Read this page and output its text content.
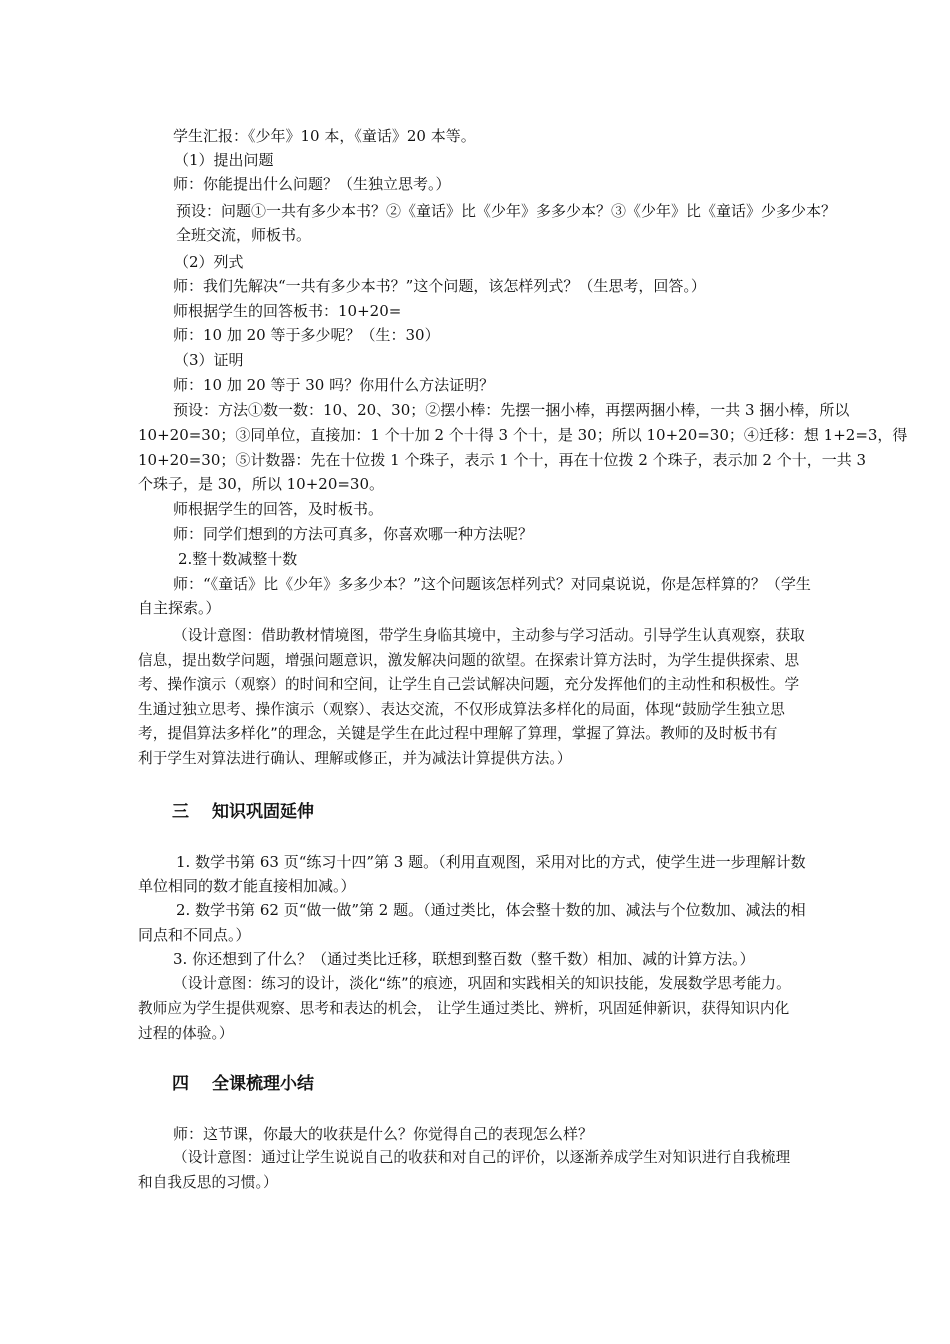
学生汇报：《少年》10 本，《童话》20 本等。
（1）提出问题
师：你能提出什么问题？（生独立思考。）
预设：问题①一共有多少本书？②《童话》比《少年》多多少本？③《少年》比《童话》少多少本？
全班交流，师板书。
（2）列式
师：我们先解决“一共有多少本书？”这个问题，该怎样列式？（生思考，回答。）
师根据学生的回答板书：10+20=
师：10 加 20 等于多少呢？（生：30）
（3）证明
师：10 加 20 等于 30 吗？你用什么方法证明？
预设：方法①数一数：10、20、30；②摆小棒：先摆一捆小棒，再摆两捆小棒，一共 3 捆小棒，所以
10+20=30；③同单位，直接加：1 个十加 2 个十得 3 个十，是 30；所以 10+20=30；④迁移：想 1+2=3，得
10+20=30；⑤计数器：先在十位拨 1 个珠子，表示 1 个十，再在十位拨 2 个珠子，表示加 2 个十，一共 3
个珠子，是 30，所以 10+20=30。
师根据学生的回答，及时板书。
师：同学们想到的方法可真多，你喜欢哪一种方法呢？
2.整十数减整十数
师：“《童话》比《少年》多多少本？”这个问题该怎样列式？对同桌说说，你是怎样算的？（学生
自主探索。）
（设计意图：借助教材情境图，带学生身临其境中，主动参与学习活动。引导学生认真观察，获取
信息，提出数学问题，增强问题意识，激发解决问题的欲望。在探索计算方法时，为学生提供探索、思
考、操作演示（观察）的时间和空间，让学生自己尝试解决问题，充分发挥他们的主动性和积极性。学
生通过独立思考、操作演示（观察）、表达交流，不仅形成算法多样化的局面，体现“鼓励学生独立思
考，提倡算法多样化”的理念，关键是学生在此过程中理解了算理，掌握了算法。教师的及时板书有
利于学生对算法进行确认、理解或修正，并为减法计算提供方法。）
三 知识巩固延伸
1. 数学书第 63 页“练习十四”第 3 题。（利用直观图，采用对比的方式，使学生进一步理解计数
单位相同的数才能直接相加减。）
2. 数学书第 62 页“做一做”第 2 题。（通过类比，体会整十数的加、减法与个位数加、减法的相
同点和不同点。）
3. 你还想到了什么？（通过类比迁移，联想到整百数（整千数）相加、减的计算方法。）
（设计意图：练习的设计，淡化“练”的痕迹，巩固和实践相关的知识技能，发展数学思考能力。
教师应为学生提供观察、思考和表达的机会， 让学生通过类比、辨析，巩固延伸新识，获得知识内化
过程的体验。）
四 全课梳理小结
师：这节课，你最大的收获是什么？你觉得自己的表现怎么样？
（设计意图：通过让学生说说自己的收获和对自己的评价，以逐渐养成学生对知识进行自我梳理
和自我反思的习惯。）
